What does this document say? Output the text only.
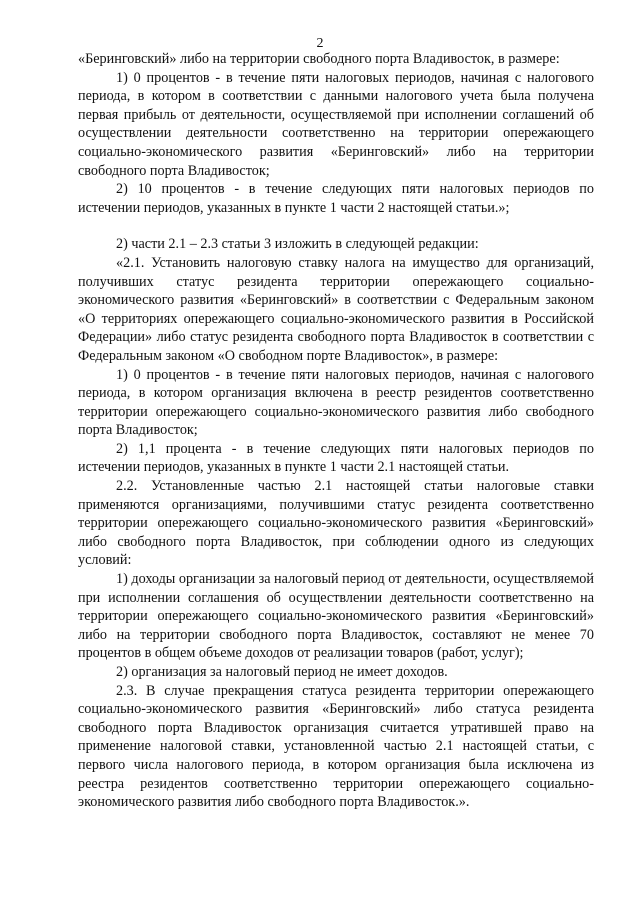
2

«Беринговский» либо на территории свободного порта Владивосток, в размере:

1) 0 процентов - в течение пяти налоговых периодов, начиная с налогового периода, в котором в соответствии с данными налогового учета была получена первая прибыль от деятельности, осуществляемой при исполнении соглашений об осуществлении деятельности соответственно на территории опережающего социально-экономического развития «Беринговский» либо на территории свободного порта Владивосток;

2) 10 процентов - в течение следующих пяти налоговых периодов по истечении периодов, указанных в пункте 1 части 2 настоящей статьи.»;

2) части 2.1 – 2.3 статьи 3 изложить в следующей редакции:

«2.1. Установить налоговую ставку налога на имущество для организаций, получивших статус резидента территории опережающего социально-экономического развития «Беринговский» в соответствии с Федеральным законом «О территориях опережающего социально-экономического развития в Российской Федерации» либо статус резидента свободного порта Владивосток в соответствии с Федеральным законом «О свободном порте Владивосток», в размере:

1) 0 процентов - в течение пяти налоговых периодов, начиная с налогового периода, в котором организация включена в реестр резидентов соответственно территории опережающего социально-экономического развития либо свободного порта Владивосток;

2) 1,1 процента - в течение следующих пяти налоговых периодов по истечении периодов, указанных в пункте 1 части 2.1 настоящей статьи.

2.2. Установленные частью 2.1 настоящей статьи налоговые ставки применяются организациями, получившими статус резидента соответственно территории опережающего социально-экономического развития «Беринговский» либо свободного порта Владивосток, при соблюдении одного из следующих условий:

1) доходы организации за налоговый период от деятельности, осуществляемой при исполнении соглашения об осуществлении деятельности соответственно на территории опережающего социально-экономического развития «Беринговский» либо на территории свободного порта Владивосток, составляют не менее 70 процентов в общем объеме доходов от реализации товаров (работ, услуг);

2) организация за налоговый период не имеет доходов.

2.3. В случае прекращения статуса резидента территории опережающего социально-экономического развития «Беринговский» либо статуса резидента свободного порта Владивосток организация считается утратившей право на применение налоговой ставки, установленной частью 2.1 настоящей статьи, с первого числа налогового периода, в котором организация была исключена из реестра резидентов соответственно территории опережающего социально-экономического развития либо свободного порта Владивосток.».
